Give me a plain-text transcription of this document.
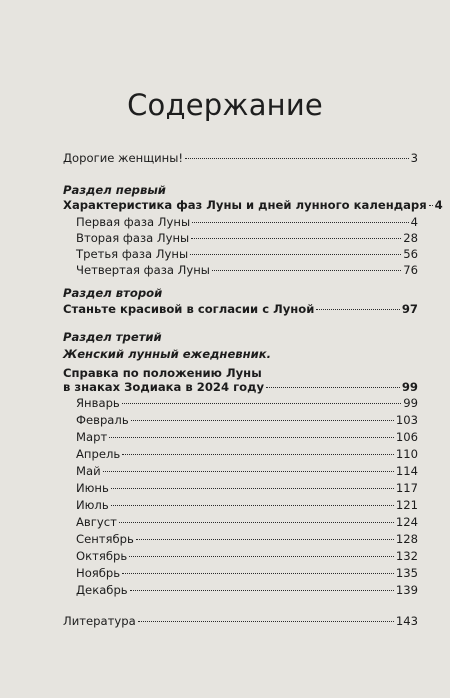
Содержание
Дорогие женщины!	3
Раздел первый
Характеристика фаз Луны и дней лунного календаря 4
Первая фаза Луны	4
Вторая фаза Луны	28
Третья фаза Луны	56
Четвертая фаза Луны	76
Раздел второй
Станьте красивой в согласии с Луной	97
Раздел третий
Женский лунный ежедневник.
Справка по положению Луны
в знаках Зодиака в 2024 году	99
Январь	99
Февраль	103
Март	106
Апрель	110
Май	114
Июнь	117
Июль	121
Август	124
Сентябрь	128
Октябрь	132
Ноябрь	135
Декабрь	139
Литература	143
